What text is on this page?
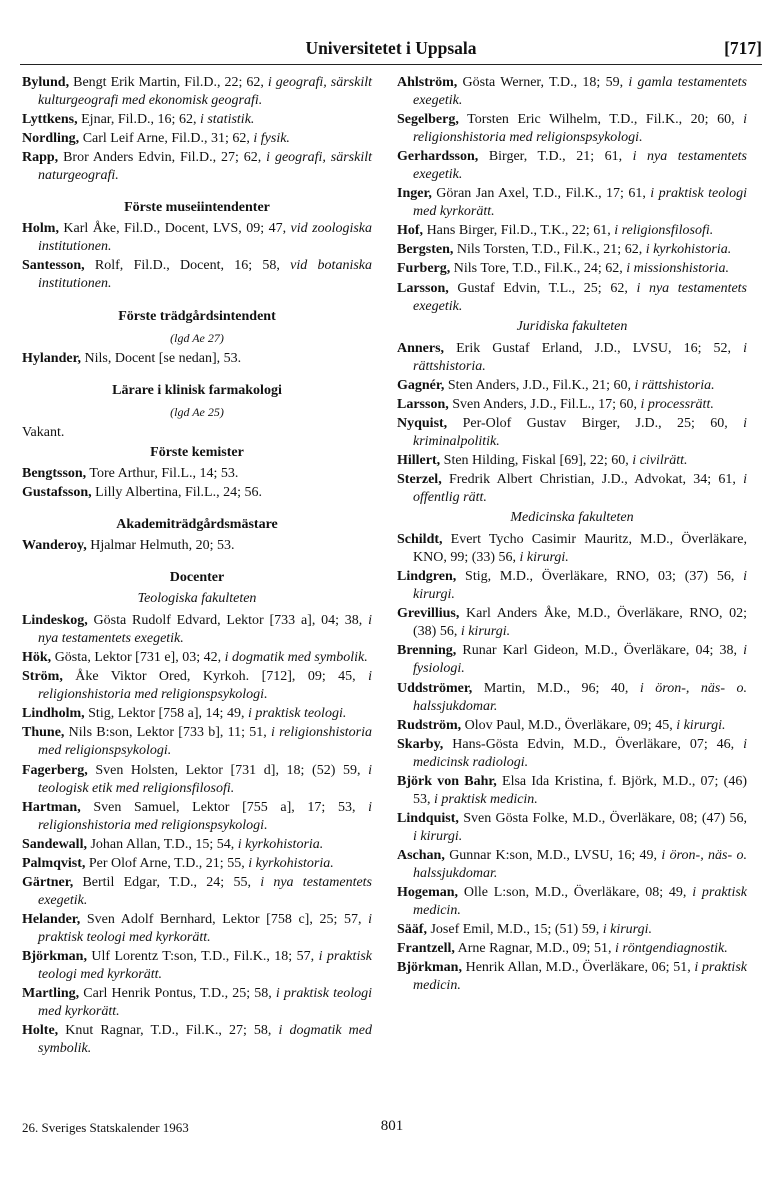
Universitetet i Uppsala	[717]
Bylund, Bengt Erik Martin, Fil.D., 22; 62, i geografi, särskilt kulturgeografi med ekonomisk geografi.
Lyttkens, Ejnar, Fil.D., 16; 62, i statistik.
Nordling, Carl Leif Arne, Fil.D., 31; 62, i fysik.
Rapp, Bror Anders Edvin, Fil.D., 27; 62, i geografi, särskilt naturgeografi.
Förste museiintendenter
Holm, Karl Åke, Fil.D., Docent, LVS, 09; 47, vid zoologiska institutionen.
Santesson, Rolf, Fil.D., Docent, 16; 58, vid botaniska institutionen.
Förste trädgårdsintendent
(lgd Ae 27)
Hylander, Nils, Docent [se nedan], 53.
Lärare i klinisk farmakologi
(lgd Ae 25)
Vakant.
Förste kemister
Bengtsson, Tore Arthur, Fil.L., 14; 53.
Gustafsson, Lilly Albertina, Fil.L., 24; 56.
Akademiträdgårdsmästare
Wanderoy, Hjalmar Helmuth, 20; 53.
Docenter
Teologiska fakulteten
Lindeskog, Gösta Rudolf Edvard, Lektor [733 a], 04; 38, i nya testamentets exegetik.
Hök, Gösta, Lektor [731 e], 03; 42, i dogmatik med symbolik.
Ström, Åke Viktor Ored, Kyrkoh. [712], 09; 45, i religionshistoria med religionspsykologi.
Lindholm, Stig, Lektor [758 a], 14; 49, i praktisk teologi.
Thune, Nils B:son, Lektor [733 b], 11; 51, i religionshistoria med religionspsykologi.
Fagerberg, Sven Holsten, Lektor [731 d], 18; (52) 59, i teologisk etik med religionsfilosofi.
Hartman, Sven Samuel, Lektor [755 a], 17; 53, i religionshistoria med religionspsykologi.
Sandewall, Johan Allan, T.D., 15; 54, i kyrkohistoria.
Palmqvist, Per Olof Arne, T.D., 21; 55, i kyrkohistoria.
Gärtner, Bertil Edgar, T.D., 24; 55, i nya testamentets exegetik.
Helander, Sven Adolf Bernhard, Lektor [758 c], 25; 57, i praktisk teologi med kyrkorätt.
Björkman, Ulf Lorentz T:son, T.D., Fil.K., 18; 57, i praktisk teologi med kyrkorätt.
Martling, Carl Henrik Pontus, T.D., 25; 58, i praktisk teologi med kyrkorätt.
Holte, Knut Ragnar, T.D., Fil.K., 27; 58, i dogmatik med symbolik.
Ahlström, Gösta Werner, T.D., 18; 59, i gamla testamentets exegetik.
Segelberg, Torsten Eric Wilhelm, T.D., Fil.K., 20; 60, i religionshistoria med religionspsykologi.
Gerhardsson, Birger, T.D., 21; 61, i nya testamentets exegetik.
Inger, Göran Jan Axel, T.D., Fil.K., 17; 61, i praktisk teologi med kyrkorätt.
Hof, Hans Birger, Fil.D., T.K., 22; 61, i religionsfilosofi.
Bergsten, Nils Torsten, T.D., Fil.K., 21; 62, i kyrkohistoria.
Furberg, Nils Tore, T.D., Fil.K., 24; 62, i missionshistoria.
Larsson, Gustaf Edvin, T.L., 25; 62, i nya testamentets exegetik.
Juridiska fakulteten
Anners, Erik Gustaf Erland, J.D., LVSU, 16; 52, i rättshistoria.
Gagnér, Sten Anders, J.D., Fil.K., 21; 60, i rättshistoria.
Larsson, Sven Anders, J.D., Fil.L., 17; 60, i processrätt.
Nyquist, Per-Olof Gustav Birger, J.D., 25; 60, i kriminalpolitik.
Hillert, Sten Hilding, Fiskal [69], 22; 60, i civilrätt.
Sterzel, Fredrik Albert Christian, J.D., Advokat, 34; 61, i offentlig rätt.
Medicinska fakulteten
Schildt, Evert Tycho Casimir Mauritz, M.D., Överläkare, KNO, 99; (33) 56, i kirurgi.
Lindgren, Stig, M.D., Överläkare, RNO, 03; (37) 56, i kirurgi.
Grevillius, Karl Anders Åke, M.D., Överläkare, RNO, 02; (38) 56, i kirurgi.
Brenning, Runar Karl Gideon, M.D., Överläkare, 04; 38, i fysiologi.
Uddströmer, Martin, M.D., 96; 40, i öron-, näs- o. halssjukdomar.
Rudström, Olov Paul, M.D., Överläkare, 09; 45, i kirurgi.
Skarby, Hans-Gösta Edvin, M.D., Överläkare, 07; 46, i medicinsk radiologi.
Björk von Bahr, Elsa Ida Kristina, f. Björk, M.D., 07; (46) 53, i praktisk medicin.
Lindquist, Sven Gösta Folke, M.D., Överläkare, 08; (47) 56, i kirurgi.
Aschan, Gunnar K:son, M.D., LVSU, 16; 49, i öron-, näs- o. halssjukdomar.
Hogeman, Olle L:son, M.D., Överläkare, 08; 49, i praktisk medicin.
Sääf, Josef Emil, M.D., 15; (51) 59, i kirurgi.
Frantzell, Arne Ragnar, M.D., 09; 51, i röntgendiagnostik.
Björkman, Henrik Allan, M.D., Överläkare, 06; 51, i praktisk medicin.
26. Sveriges Statskalender 1963	801
